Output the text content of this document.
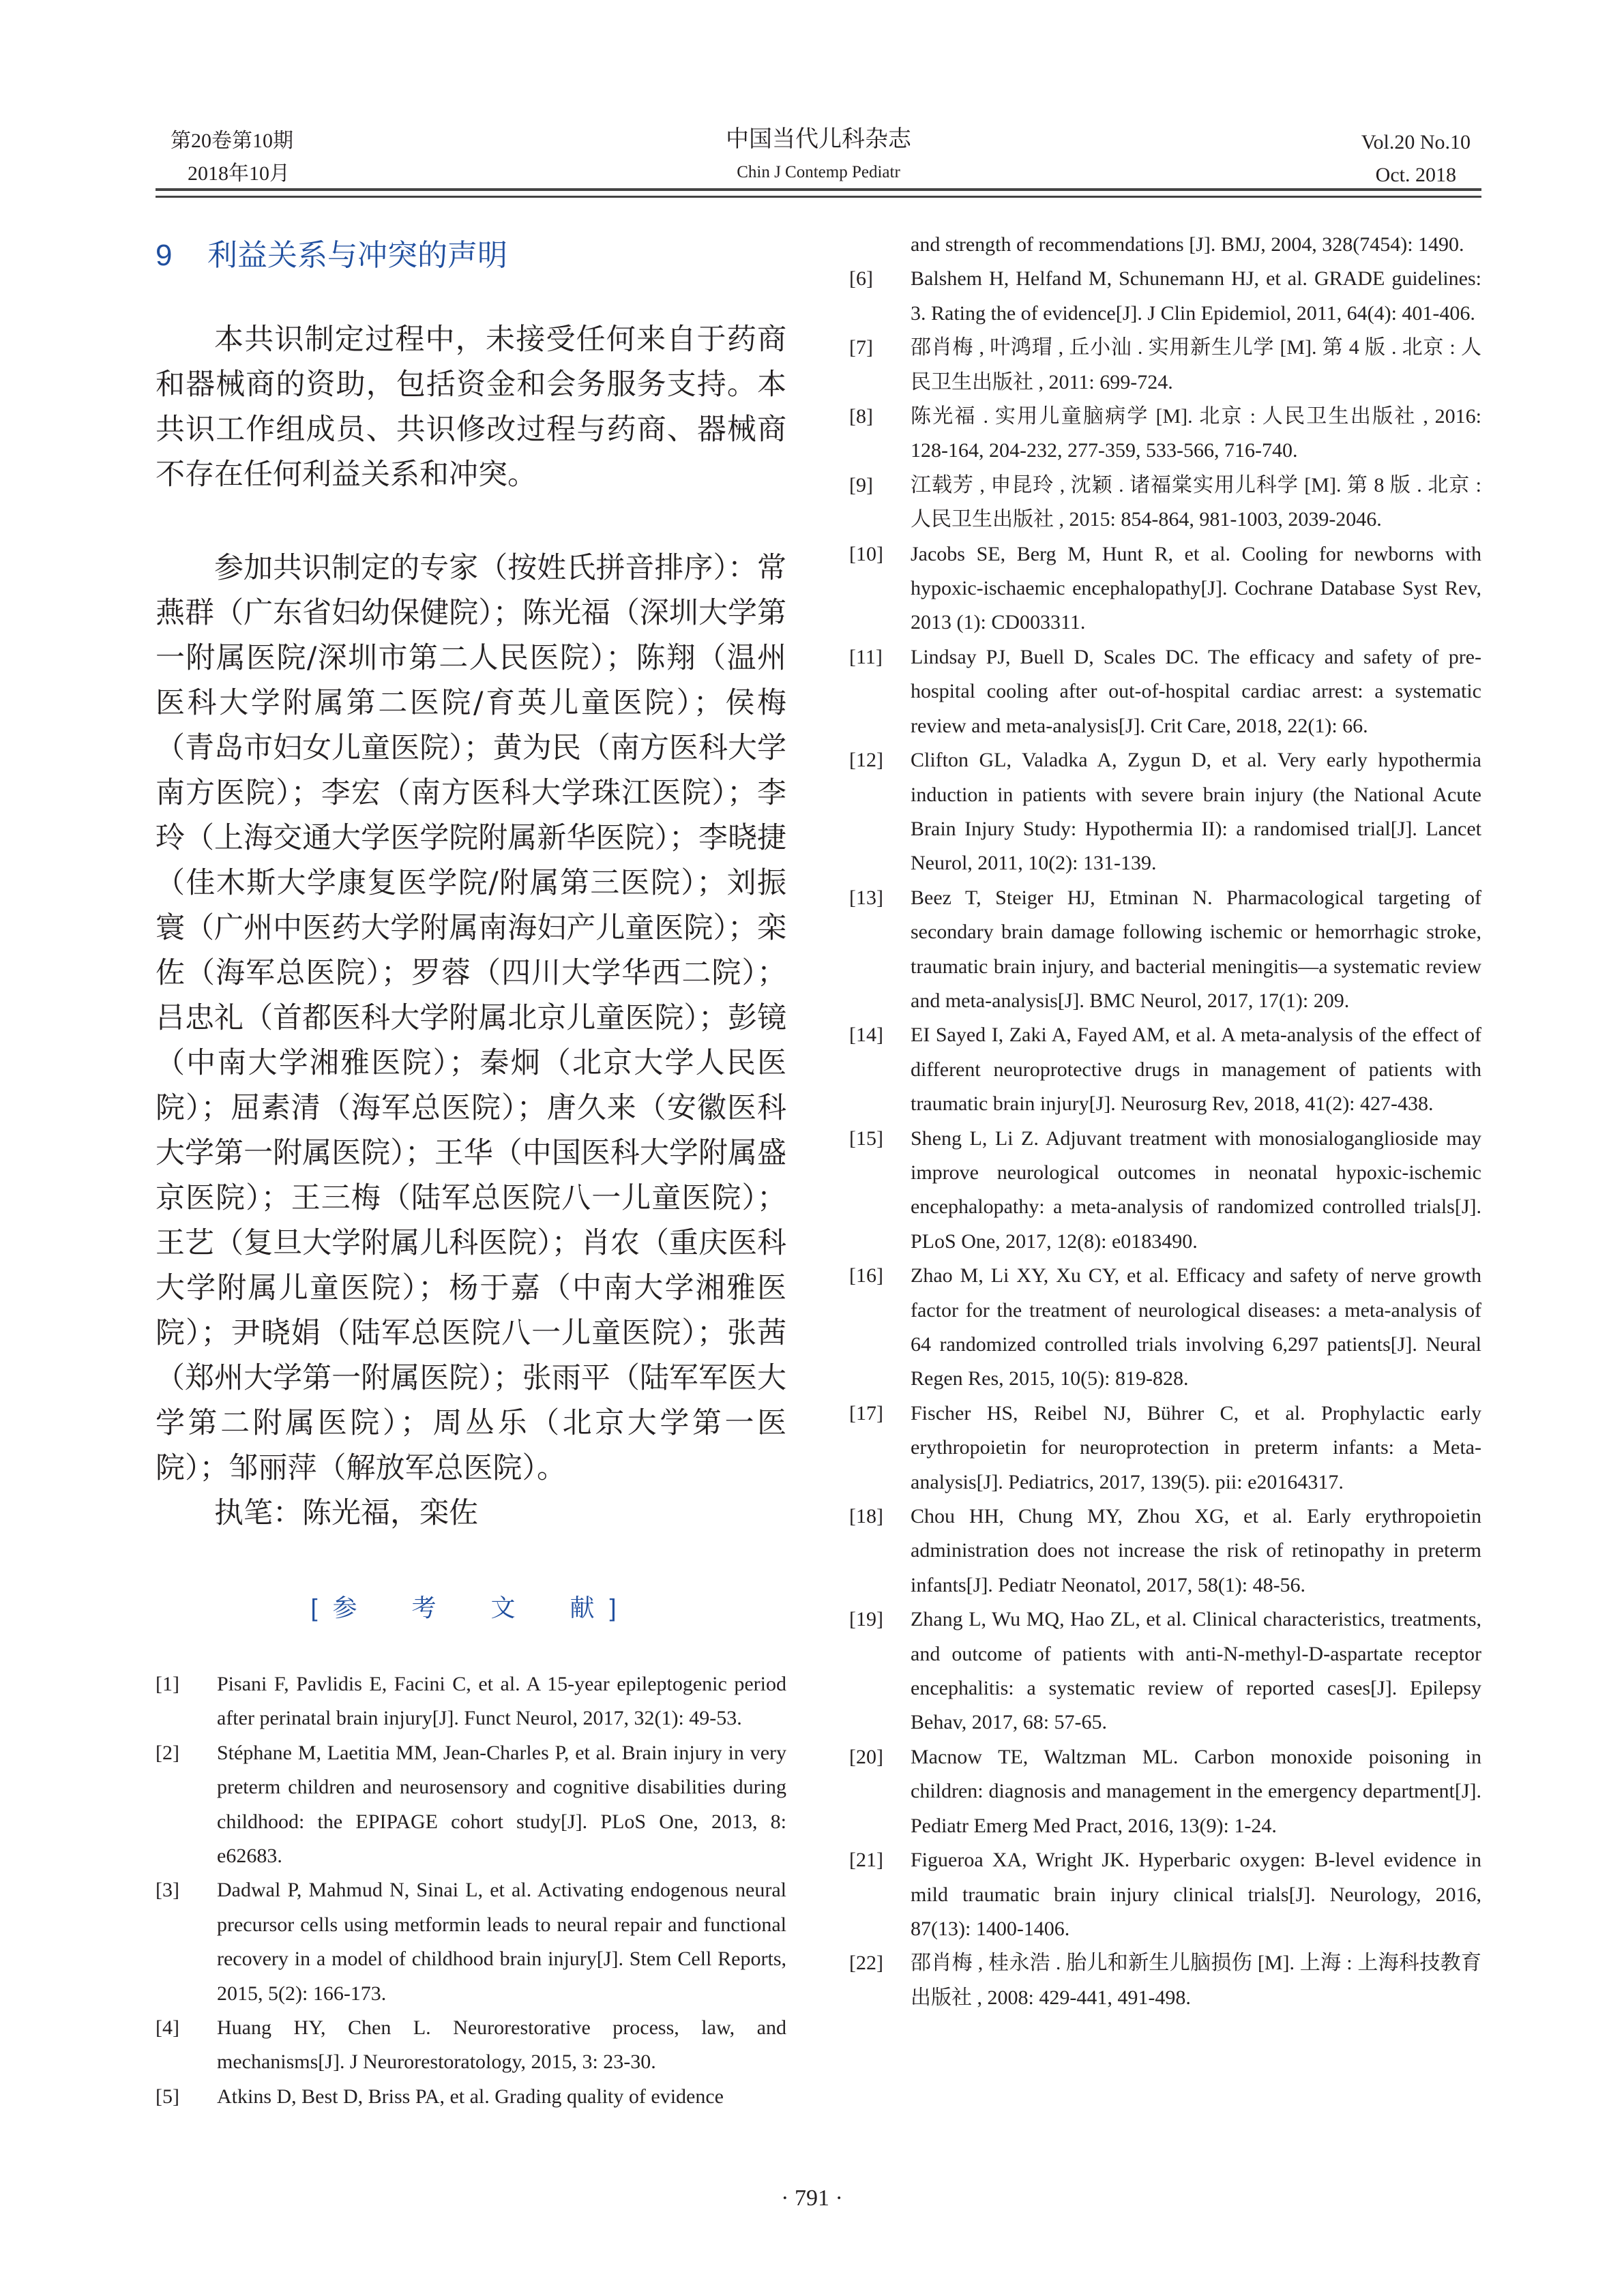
第20卷第10期
2018年10月
中国当代儿科杂志
Chin J Contemp Pediatr
Vol.20 No.10
Oct. 2018
9 利益关系与冲突的声明

本共识制定过程中，未接受任何来自于药商和器械商的资助，包括资金和会务服务支持。本共识工作组成员、共识修改过程与药商、器械商不存在任何利益关系和冲突。

参加共识制定的专家（按姓氏拼音排序）：常燕群（广东省妇幼保健院）；陈光福（深圳大学第一附属医院/深圳市第二人民医院）；陈翔（温州医科大学附属第二医院/育英儿童医院）；侯梅（青岛市妇女儿童医院）；黄为民（南方医科大学南方医院）；李宏（南方医科大学珠江医院）；李玲（上海交通大学医学院附属新华医院）；李晓捷（佳木斯大学康复医学院/附属第三医院）；刘振寰（广州中医药大学附属南海妇产儿童医院）；栾佐（海军总医院）；罗蓉（四川大学华西二院）；吕忠礼（首都医科大学附属北京儿童医院）；彭镜（中南大学湘雅医院）；秦炯（北京大学人民医院）；屈素清（海军总医院）；唐久来（安徽医科大学第一附属医院）；王华（中国医科大学附属盛京医院）；王三梅（陆军总医院八一儿童医院）；王艺（复旦大学附属儿科医院）；肖农（重庆医科大学附属儿童医院）；杨于嘉（中南大学湘雅医院）；尹晓娟（陆军总医院八一儿童医院）；张茜（郑州大学第一附属医院）；张雨平（陆军军医大学第二附属医院）；周丛乐（北京大学第一医院）；邹丽萍（解放军总医院）。

执笔：陈光福，栾佐

[参　考　文　献]
[1] Pisani F, Pavlidis E, Facini C, et al. A 15-year epileptogenic period after perinatal brain injury[J]. Funct Neurol, 2017, 32(1): 49-53.
[2] Stéphane M, Laetitia MM, Jean-Charles P, et al. Brain injury in very preterm children and neurosensory and cognitive disabilities during childhood: the EPIPAGE cohort study[J]. PLoS One, 2013, 8: e62683.
[3] Dadwal P, Mahmud N, Sinai L, et al. Activating endogenous neural precursor cells using metformin leads to neural repair and functional recovery in a model of childhood brain injury[J]. Stem Cell Reports, 2015, 5(2): 166-173.
[4] Huang HY, Chen L. Neurorestorative process, law, and mechanisms[J]. J Neurorestoratology, 2015, 3: 23-30.
[5] Atkins D, Best D, Briss PA, et al. Grading quality of evidence
and strength of recommendations [J]. BMJ, 2004, 328(7454): 1490.
[6] Balshem H, Helfand M, Schunemann HJ, et al. GRADE guidelines: 3. Rating the of evidence[J]. J Clin Epidemiol, 2011, 64(4): 401-406.
[7] 邵肖梅 , 叶鸿瑁 , 丘小汕 . 实用新生儿学 [M]. 第 4 版 . 北京 : 人民卫生出版社 , 2011: 699-724.
[8] 陈光福 . 实用儿童脑病学 [M]. 北京 : 人民卫生出版社 , 2016: 128-164, 204-232, 277-359, 533-566, 716-740.
[9] 江载芳 , 申昆玲 , 沈颖 . 诸福棠实用儿科学 [M]. 第 8 版 . 北京 : 人民卫生出版社 , 2015: 854-864, 981-1003, 2039-2046.
[10] Jacobs SE, Berg M, Hunt R, et al. Cooling for newborns with hypoxic-ischaemic encephalopathy[J]. Cochrane Database Syst Rev, 2013 (1): CD003311.
[11] Lindsay PJ, Buell D, Scales DC. The efficacy and safety of pre-hospital cooling after out-of-hospital cardiac arrest: a systematic review and meta-analysis[J]. Crit Care, 2018, 22(1): 66.
[12] Clifton GL, Valadka A, Zygun D, et al. Very early hypothermia induction in patients with severe brain injury (the National Acute Brain Injury Study: Hypothermia II): a randomised trial[J]. Lancet Neurol, 2011, 10(2): 131-139.
[13] Beez T, Steiger HJ, Etminan N. Pharmacological targeting of secondary brain damage following ischemic or hemorrhagic stroke, traumatic brain injury, and bacterial meningitis—a systematic review and meta-analysis[J]. BMC Neurol, 2017, 17(1): 209.
[14] EI Sayed I, Zaki A, Fayed AM, et al. A meta-analysis of the effect of different neuroprotective drugs in management of patients with traumatic brain injury[J]. Neurosurg Rev, 2018, 41(2): 427-438.
[15] Sheng L, Li Z. Adjuvant treatment with monosialoganglioside may improve neurological outcomes in neonatal hypoxic-ischemic encephalopathy: a meta-analysis of randomized controlled trials[J]. PLoS One, 2017, 12(8): e0183490.
[16] Zhao M, Li XY, Xu CY, et al. Efficacy and safety of nerve growth factor for the treatment of neurological diseases: a meta-analysis of 64 randomized controlled trials involving 6,297 patients[J]. Neural Regen Res, 2015, 10(5): 819-828.
[17] Fischer HS, Reibel NJ, Bührer C, et al. Prophylactic early erythropoietin for neuroprotection in preterm infants: a Meta-analysis[J]. Pediatrics, 2017, 139(5). pii: e20164317.
[18] Chou HH, Chung MY, Zhou XG, et al. Early erythropoietin administration does not increase the risk of retinopathy in preterm infants[J]. Pediatr Neonatol, 2017, 58(1): 48-56.
[19] Zhang L, Wu MQ, Hao ZL, et al. Clinical characteristics, treatments, and outcome of patients with anti-N-methyl-D-aspartate receptor encephalitis: a systematic review of reported cases[J]. Epilepsy Behav, 2017, 68: 57-65.
[20] Macnow TE, Waltzman ML. Carbon monoxide poisoning in children: diagnosis and management in the emergency department[J]. Pediatr Emerg Med Pract, 2016, 13(9): 1-24.
[21] Figueroa XA, Wright JK. Hyperbaric oxygen: B-level evidence in mild traumatic brain injury clinical trials[J]. Neurology, 2016, 87(13): 1400-1406.
[22] 邵肖梅 , 桂永浩 . 胎儿和新生儿脑损伤 [M]. 上海 : 上海科技教育出版社 , 2008: 429-441, 491-498.
· 791 ·
